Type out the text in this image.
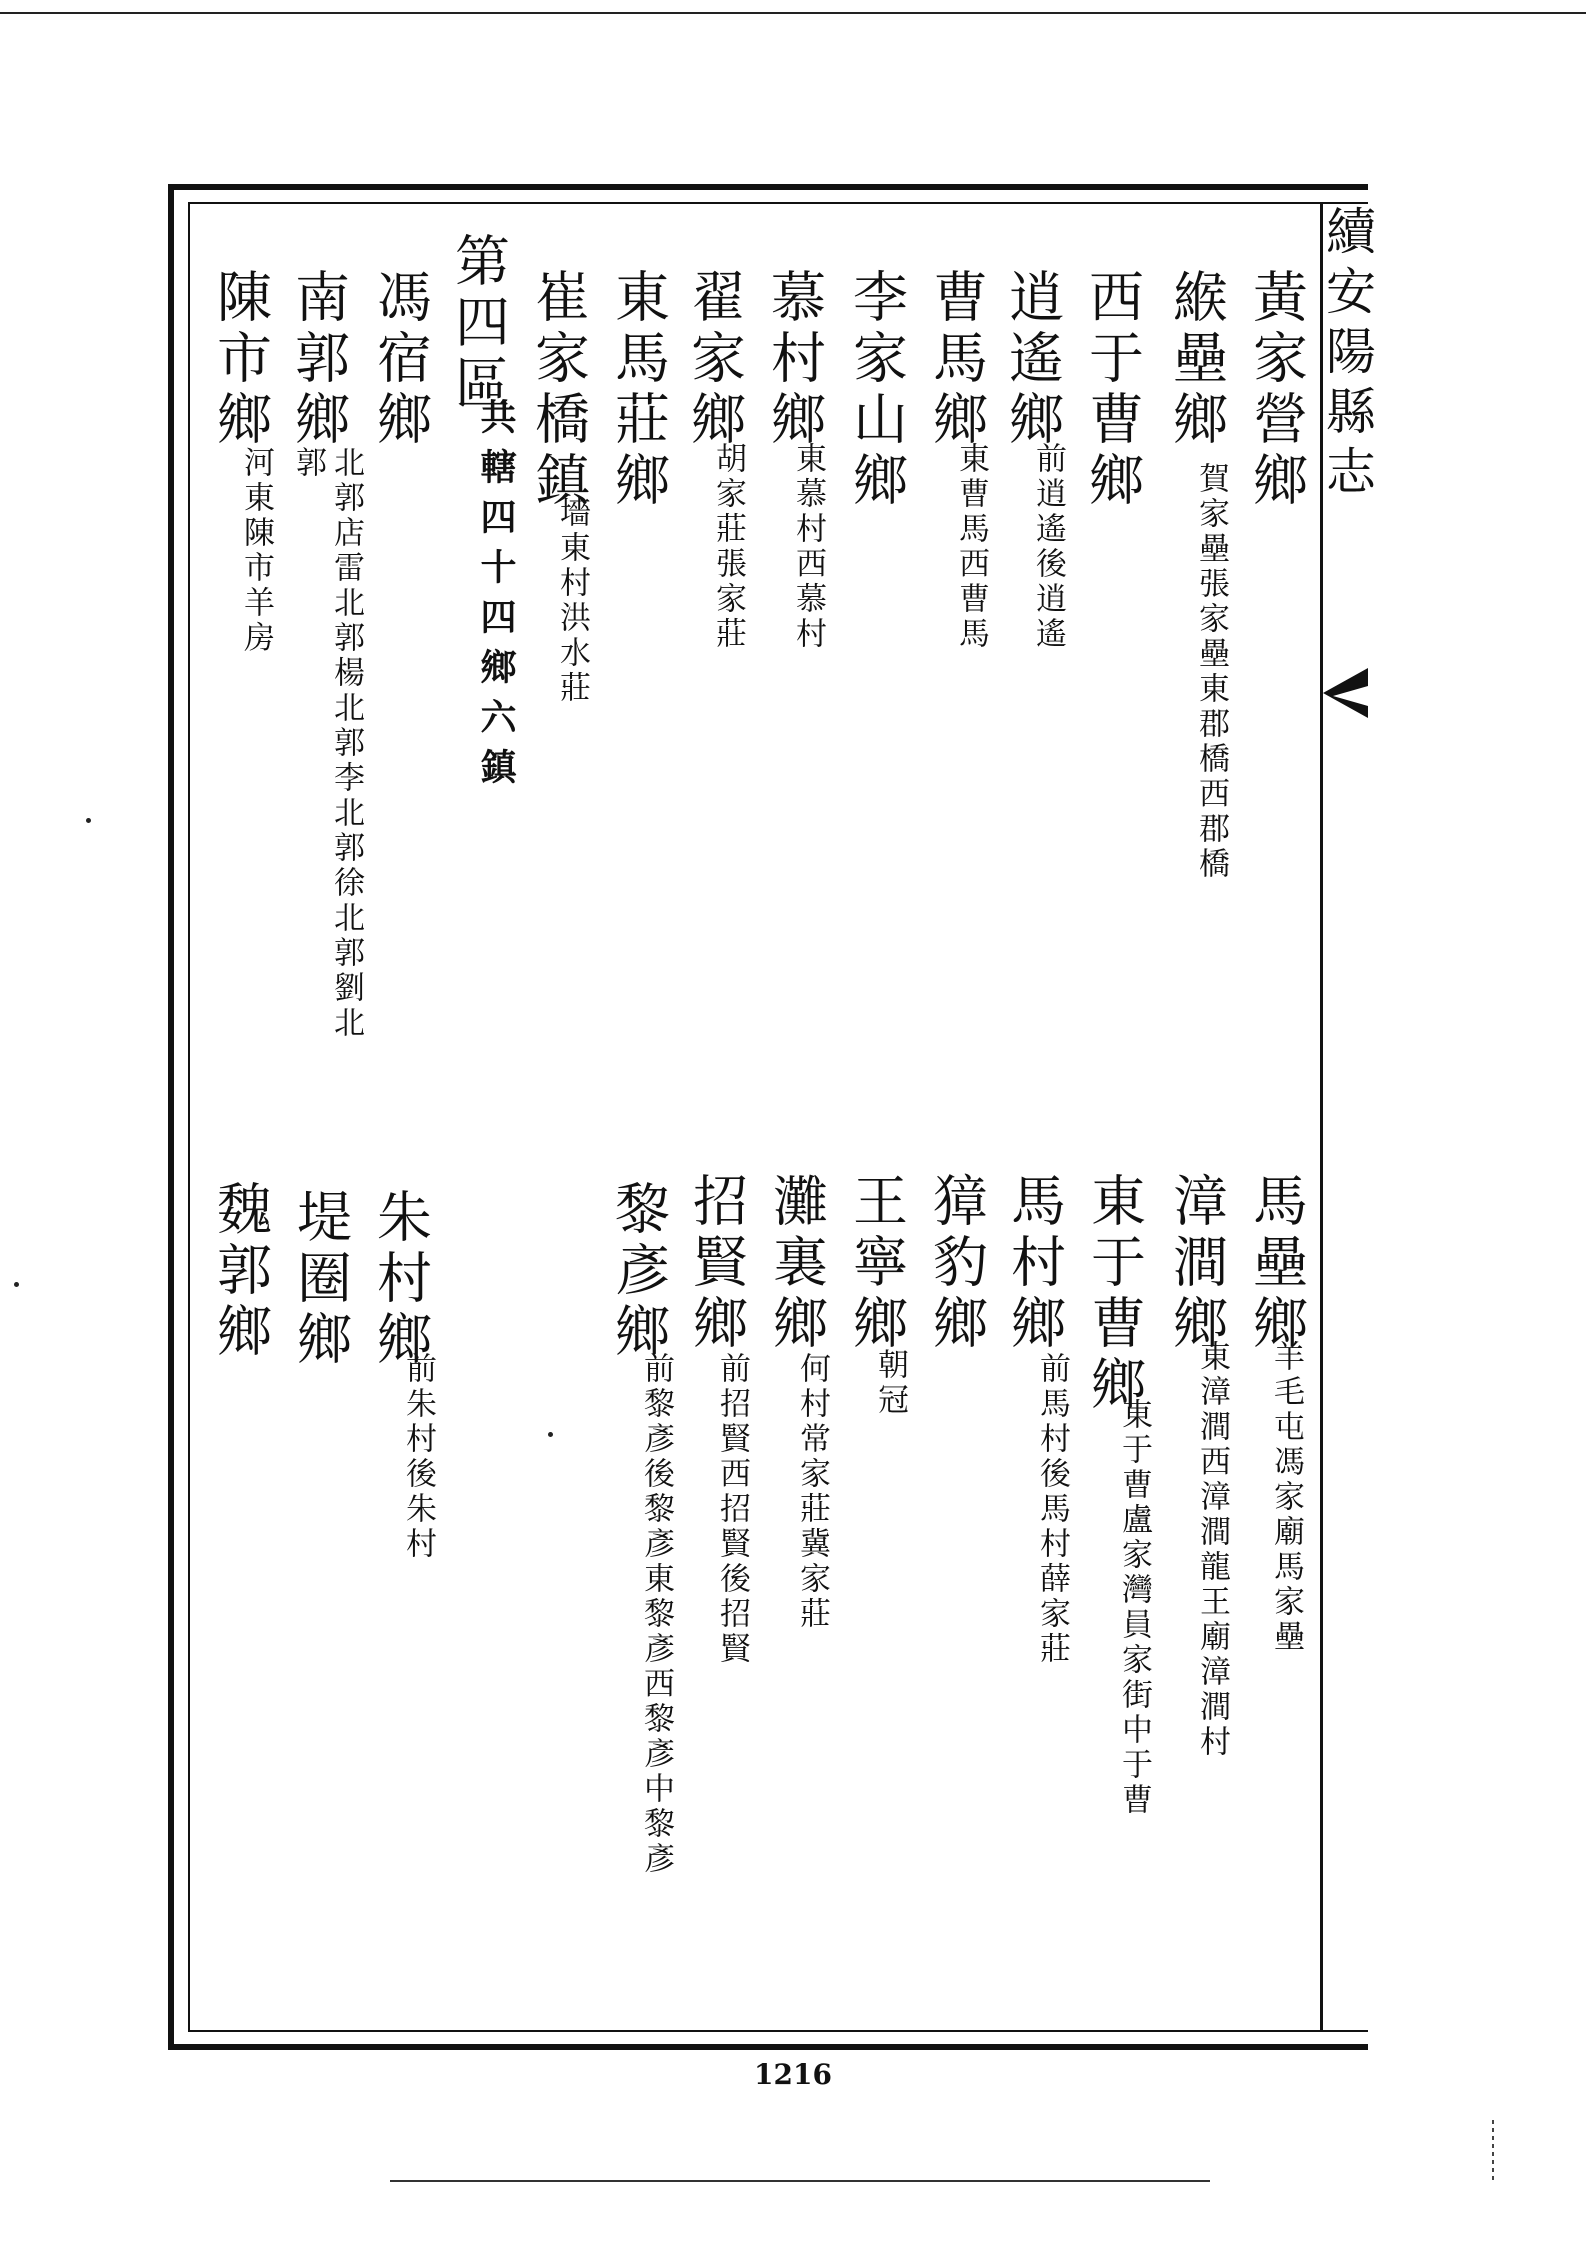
續安陽縣志
黃家營鄉
緱壘鄉
賀家壘張家壘東郡橋西郡橋
西于曹鄉
逍遙鄉
前逍遙後逍遙
曹馬鄉
東曹馬西曹馬
李家山鄉
慕村鄉
東慕村西慕村
翟家鄉
胡家莊張家莊
東馬莊鄉
崔家橋鎮
墻東村洪水莊
第四區
共轄四十四鄉六鎮
馮宿鄉
南郭鄉
郭 北郭店雷北郭楊北郭李北郭徐北郭劉北
陳市鄉
河東陳市羊房
馬壘鄉
羊毛屯馮家廟馬家壘
漳澗鄉
東漳澗西漳澗龍王廟漳澗村
東于曹鄉
東于曹盧家灣員家街中于曹
馬村鄉
前馬村後馬村薛家莊
獐豹鄉
王寧鄉
朝冠
灘裏鄉
何村常家莊冀家莊
招賢鄉
前招賢西招賢後招賢
黎彥鄉
前黎彥後黎彥東黎彥西黎彥中黎彥
朱村鄉
前朱村後朱村
堤圈鄉
魏郭鄉
1216
